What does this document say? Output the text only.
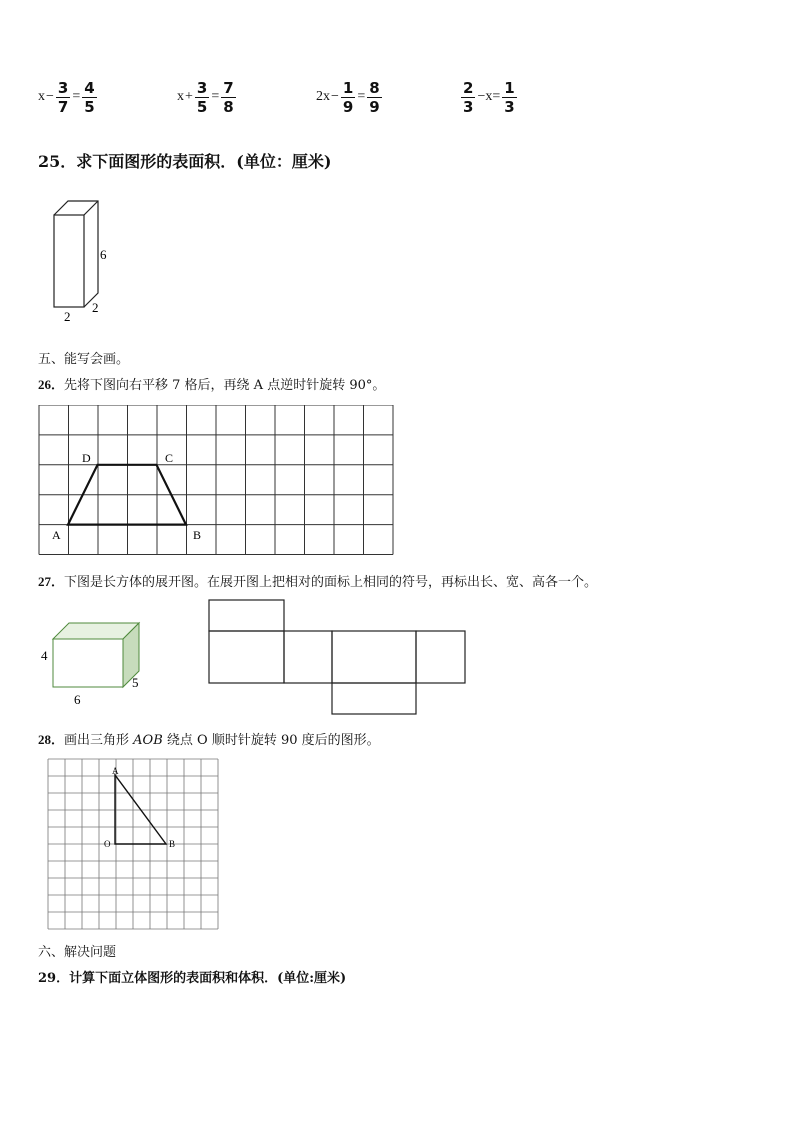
$x - \frac{3}{7} = \frac{4}{5}$	$x + \frac{3}{5} = \frac{7}{8}$	$2x - \frac{1}{9} = \frac{8}{9}$	$\frac{2}{3} -x= \frac{1}{3}$
25．求下面图形的表面积．(单位：厘米)
6
2
2
五、能写会画。
26．先将下图向右平移 7 格后，再绕 A 点逆时针旋转 90°。
A	B
C
D
27．下图是长方体的展开图。在展开图上把相对的面标上相同的符号，再标出长、宽、高各一个。
4
6
5
28．画出三角形 AOB 绕点 O 顺时针旋转 90 度后的图形。
A
O	B
六、解决问题
29．计算下面立体图形的表面积和体积．(单位:厘米)
